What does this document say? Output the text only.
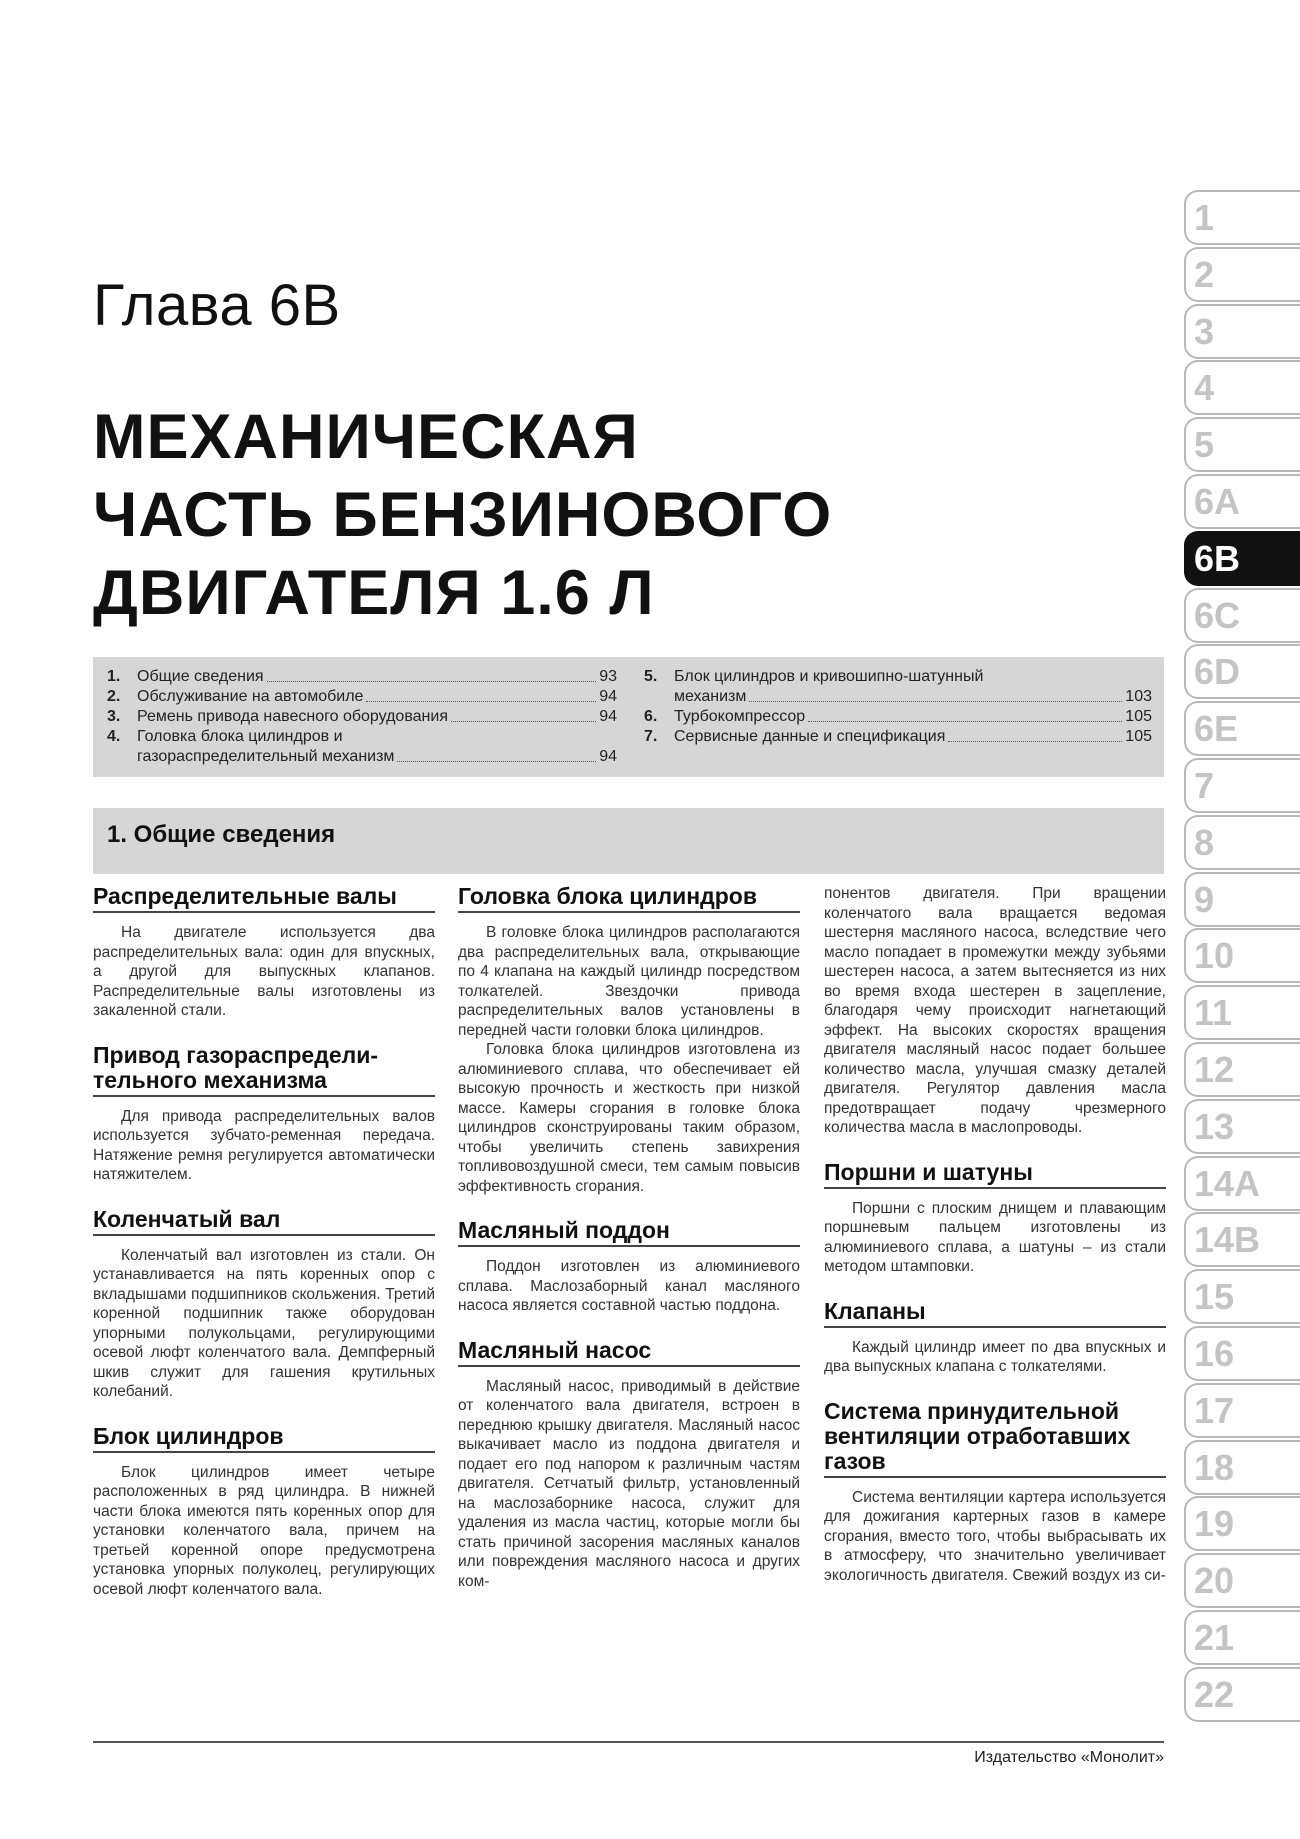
Глава 6В
МЕХАНИЧЕСКАЯ
ЧАСТЬ БЕНЗИНОВОГО
ДВИГАТЕЛЯ 1.6 Л
1.	Общие сведения	93
2.	Обслуживание на автомобиле	94
3.	Ремень привода навесного оборудования	94
4.	Головка блока цилиндров и
газораспределительный механизм	94
5.	Блок цилиндров и кривошипно-шатунный
механизм	103
6.	Турбокомпрессор	105
7.	Сервисные данные и спецификация	105
1. Общие сведения
Распределительные валы

На двигателе используется два распределительных вала: один для впускных, а другой для выпускных клапанов. Распределительные валы изготовлены из закаленной стали.

Привод газораспределительного механизма

Для привода распределительных валов используется зубчато-ременная передача. Натяжение ремня регулируется автоматически натяжителем.

Коленчатый вал

Коленчатый вал изготовлен из стали. Он устанавливается на пять коренных опор с вкладышами подшипников скольжения. Третий коренной подшипник также оборудован упорными полукольцами, регулирующими осевой люфт коленчатого вала. Демпферный шкив служит для гашения крутильных колебаний.

Блок цилиндров

Блок цилиндров имеет четыре расположенных в ряд цилиндра. В нижней части блока имеются пять коренных опор для установки коленчатого вала, причем на третьей коренной опоре предусмотрена установка упорных полуколец, регулирующих осевой люфт коленчатого вала.

Головка блока цилиндров

В головке блока цилиндров располагаются два распределительных вала, открывающие по 4 клапана на каждый цилиндр посредством толкателей. Звездочки привода распределительных валов установлены в передней части головки блока цилиндров.

Головка блока цилиндров изготовлена из алюминиевого сплава, что обеспечивает ей высокую прочность и жесткость при низкой массе. Камеры сгорания в головке блока цилиндров сконструированы таким образом, чтобы увеличить степень завихрения топливовоздушной смеси, тем самым повысив эффективность сгорания.

Масляный поддон

Поддон изготовлен из алюминиевого сплава. Маслозаборный канал масляного насоса является составной частью поддона.

Масляный насос

Масляный насос, приводимый в действие от коленчатого вала двигателя, встроен в переднюю крышку двигателя. Масляный насос выкачивает масло из поддона двигателя и подает его под напором к различным частям двигателя. Сетчатый фильтр, установленный на маслозаборнике насоса, служит для удаления из масла частиц, которые могли бы стать причиной засорения масляных каналов или повреждения масляного насоса и других ком-

понентов двигателя. При вращении коленчатого вала вращается ведомая шестерня масляного насоса, вследствие чего масло попадает в промежутки между зубьями шестерен насоса, а затем вытесняется из них во время входа шестерен в зацепление, благодаря чему происходит нагнетающий эффект. На высоких скоростях вращения двигателя масляный насос подает большее количество масла, улучшая смазку деталей двигателя. Регулятор давления масла предотвращает подачу чрезмерного количества масла в маслопроводы.

Поршни и шатуны

Поршни с плоским днищем и плавающим поршневым пальцем изготовлены из алюминиевого сплава, а шатуны – из стали методом штамповки.

Клапаны

Каждый цилиндр имеет по два впускных и два выпускных клапана с толкателями.

Система принудительной вентиляции отработавших газов

Система вентиляции картера используется для дожигания картерных газов в камере сгорания, вместо того, чтобы выбрасывать их в атмосферу, что значительно увеличивает экологичность двигателя. Свежий воздух из си-

1
2
3
4
5
6А
6В
6С
6D
6Е
7
8
9
10
11
12
13
14А
14В
15
16
17
18
19
20
21
22
Издательство «Монолит»
